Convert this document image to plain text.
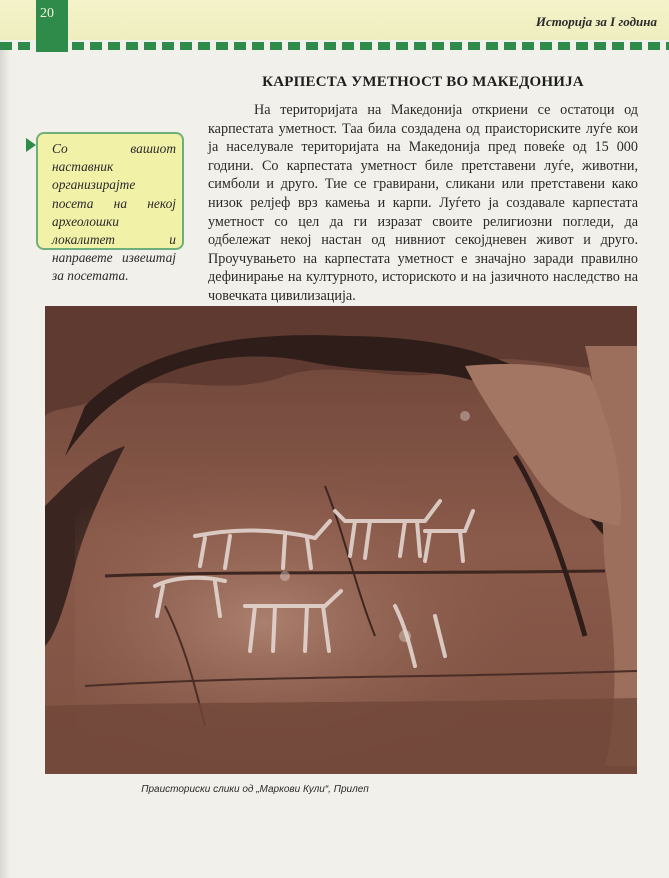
20
Историја за I година
КАРПЕСТА УМЕТНОСТ ВО МАКЕДОНИЈА

На територијата на Македонија откриени се остатоци од карпестата уметност. Таа била создадена од праисториските луѓе кои ја населувале територијата на Македонија пред повеќе од 15 000 години. Со карпестата уметност биле претставени луѓе, животни, симболи и друго. Тие се гравирани, сликани или претставени како низок релјеф врз камења и карпи. Луѓето ја создавале карпестата уметност со цел да ги изразат своите религиозни погледи, да одбележат некој настан од нивниот секојдневен живот и друго. Проучувањето на карпестата уметност е значајно заради правилно дефинирање на културното, историското и на јазичното наследство на човечката цивилизација.

Со вашиот наставник организирајте посета на некој археолошки локалитет и направете извештај за посетата.

Праисториски слики од „Маркови Кули“, Прилеп
